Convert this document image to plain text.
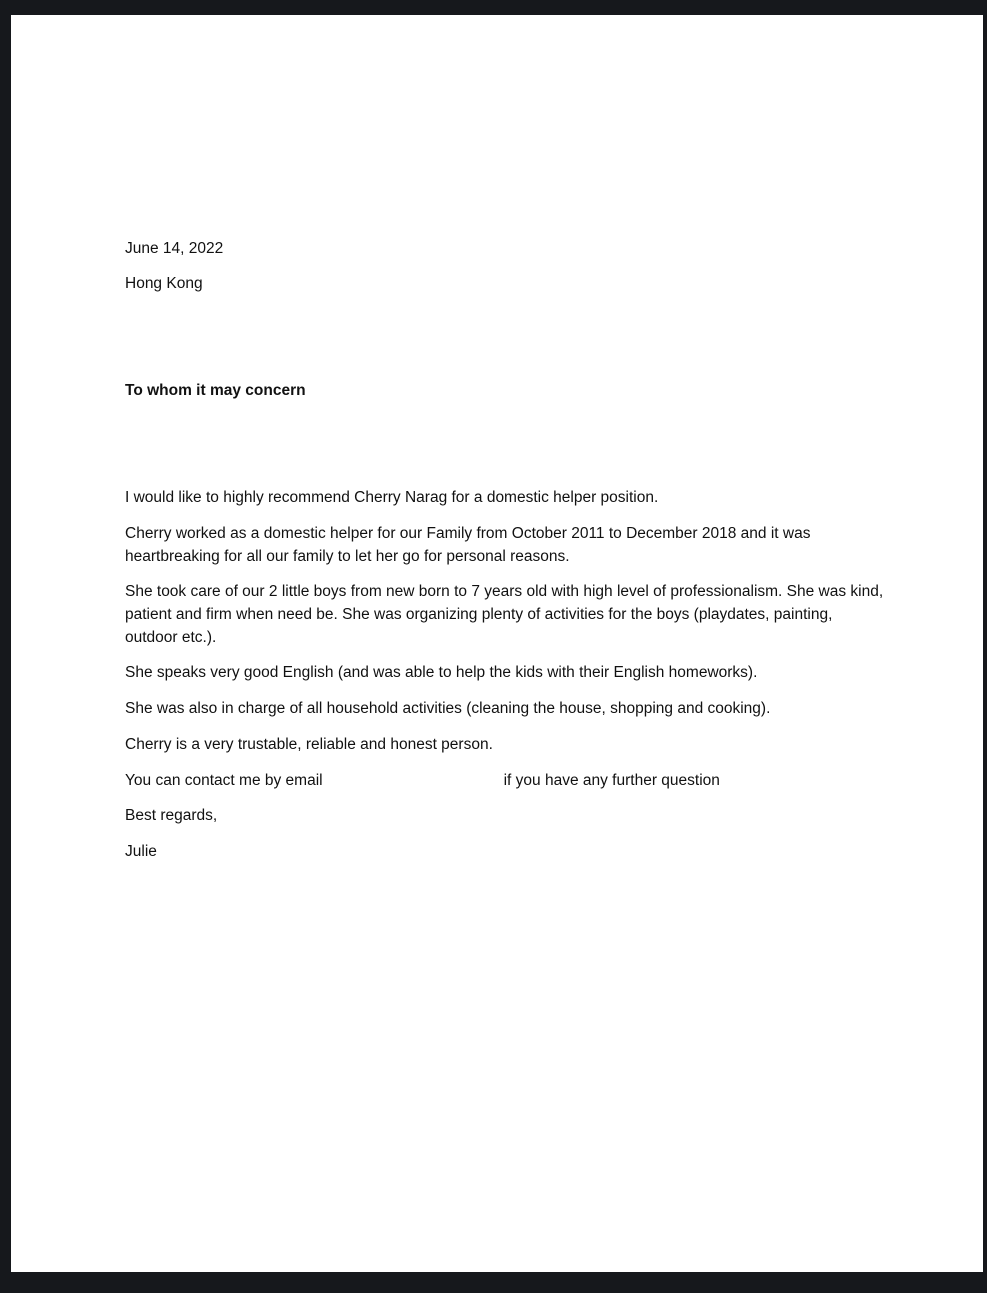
June 14, 2022

Hong Kong

To whom it may concern

I would like to highly recommend Cherry Narag for a domestic helper position.

Cherry worked as a domestic helper for our Family from October 2011 to December 2018 and it was heartbreaking for all our family to let her go for personal reasons.

She took care of our 2 little boys from new born to 7 years old with high level of professionalism. She was kind, patient and firm when need be. She was organizing plenty of activities for the boys (playdates, painting, outdoor etc.).

She speaks very good English (and was able to help the kids with their English homeworks).

She was also in charge of all household activities (cleaning the house, shopping and cooking).

Cherry is a very trustable, reliable and honest person.

You can contact me by email	if you have any further question

Best regards,

Julie
